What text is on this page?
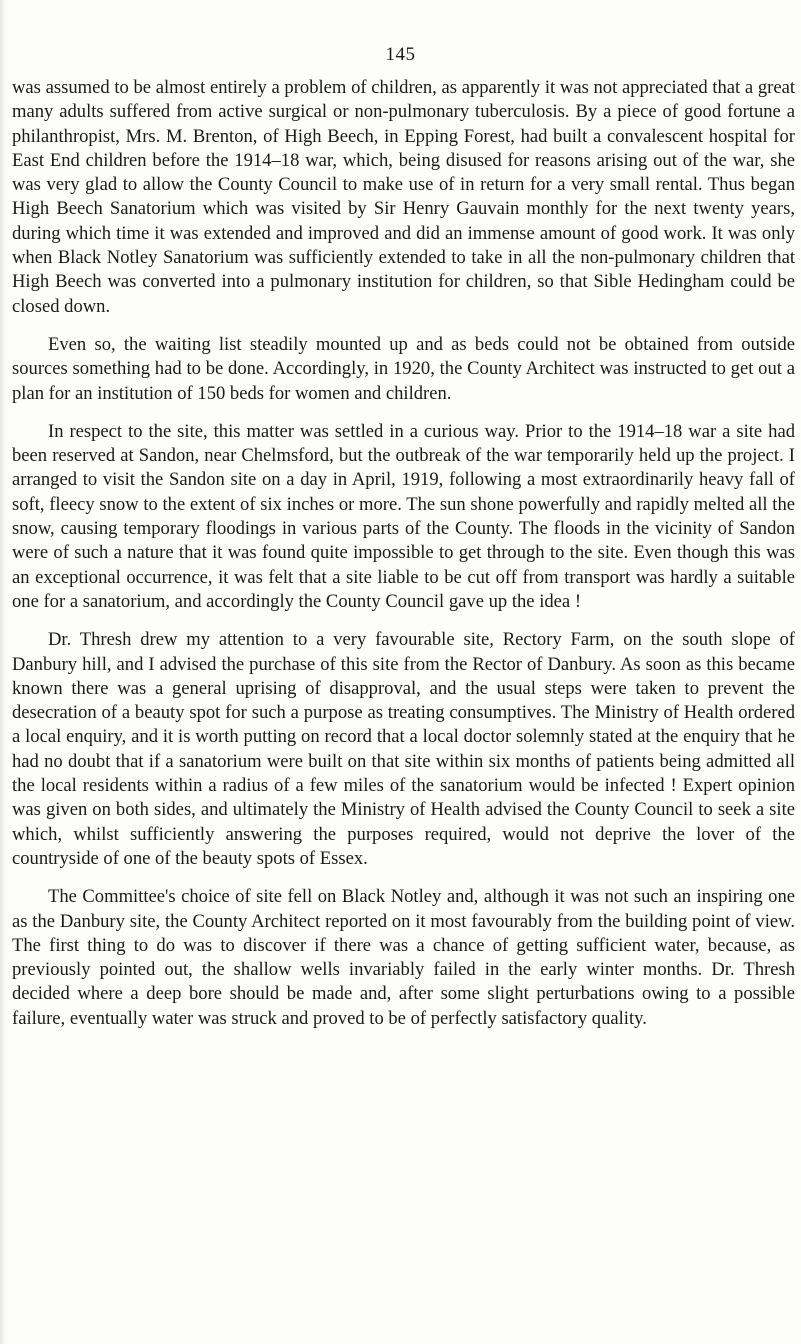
145

was assumed to be almost entirely a problem of children, as apparently it was not appreciated that a great many adults suffered from active surgical or non-pulmonary tuberculosis. By a piece of good fortune a philanthropist, Mrs. M. Brenton, of High Beech, in Epping Forest, had built a convalescent hospital for East End children before the 1914–18 war, which, being disused for reasons arising out of the war, she was very glad to allow the County Council to make use of in return for a very small rental. Thus began High Beech Sanatorium which was visited by Sir Henry Gauvain monthly for the next twenty years, during which time it was extended and improved and did an immense amount of good work. It was only when Black Notley Sanatorium was sufficiently extended to take in all the non-pulmonary children that High Beech was converted into a pulmonary institution for children, so that Sible Hedingham could be closed down.

Even so, the waiting list steadily mounted up and as beds could not be obtained from outside sources something had to be done. Accordingly, in 1920, the County Architect was instructed to get out a plan for an institution of 150 beds for women and children.

In respect to the site, this matter was settled in a curious way. Prior to the 1914–18 war a site had been reserved at Sandon, near Chelmsford, but the outbreak of the war temporarily held up the project. I arranged to visit the Sandon site on a day in April, 1919, following a most extraordinarily heavy fall of soft, fleecy snow to the extent of six inches or more. The sun shone powerfully and rapidly melted all the snow, causing temporary floodings in various parts of the County. The floods in the vicinity of Sandon were of such a nature that it was found quite impossible to get through to the site. Even though this was an exceptional occurrence, it was felt that a site liable to be cut off from transport was hardly a suitable one for a sanatorium, and accordingly the County Council gave up the idea !

Dr. Thresh drew my attention to a very favourable site, Rectory Farm, on the south slope of Danbury hill, and I advised the purchase of this site from the Rector of Danbury. As soon as this became known there was a general uprising of disapproval, and the usual steps were taken to prevent the desecration of a beauty spot for such a purpose as treating consumptives. The Ministry of Health ordered a local enquiry, and it is worth putting on record that a local doctor solemnly stated at the enquiry that he had no doubt that if a sanatorium were built on that site within six months of patients being admitted all the local residents within a radius of a few miles of the sanatorium would be infected ! Expert opinion was given on both sides, and ultimately the Ministry of Health advised the County Council to seek a site which, whilst sufficiently answering the purposes required, would not deprive the lover of the countryside of one of the beauty spots of Essex.

The Committee's choice of site fell on Black Notley and, although it was not such an inspiring one as the Danbury site, the County Architect reported on it most favourably from the building point of view. The first thing to do was to discover if there was a chance of getting sufficient water, because, as previously pointed out, the shallow wells invariably failed in the early winter months. Dr. Thresh decided where a deep bore should be made and, after some slight perturbations owing to a possible failure, eventually water was struck and proved to be of perfectly satisfactory quality.
